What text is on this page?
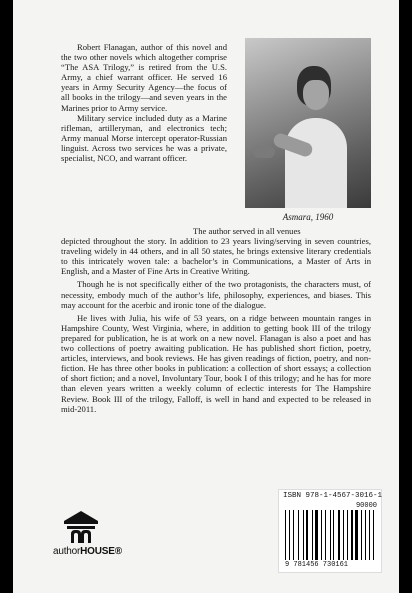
Robert Flanagan, author of this novel and the two other novels which altogether comprise “The ASA Trilogy,” is retired from the U.S. Army, a chief warrant officer. He served 16 years in Army Security Agency—the focus of all books in the trilogy—and seven years in the Marines prior to Army service.

Military service included duty as a Marine rifleman, artilleryman, and electronics tech; Army manual Morse intercept operator-Russian linguist. Across two services he was a private, specialist, NCO, and warrant officer.

Asmara, 1960

The author served in all venues

depicted throughout the story. In addition to 23 years living/serving in seven countries, traveling widely in 44 others, and in all 50 states, he brings extensive literary credentials to this intricately woven tale: a bachelor’s in Communications, a Master of Arts in English, and a Master of Fine Arts in Creative Writing.

Though he is not specifically either of the two protagonists, the characters must, of necessity, embody much of the author’s life, philosophy, experiences, and biases. This may account for the acerbic and ironic tone of the dialogue.

He lives with Julia, his wife of 53 years, on a ridge between mountain ranges in Hampshire County, West Virginia, where, in addition to getting book III of the trilogy prepared for publication, he is at work on a new novel. Flanagan is also a poet and has two collections of poetry awaiting publication. He has published short fiction, poetry, articles, interviews, and book reviews. He has given readings of fiction, poetry, and non-fiction. He has three other books in publication: a collection of short essays; a collection of short fiction; and a novel, Involuntary Tour, book I of this trilogy; and he has for more than eleven years written a weekly column of eclectic interests for The Hampshire Review. Book III of the trilogy, Falloff, is well in hand and expected to be released in mid-2011.

authorHOUSE®
ISBN 978-1-4567-3016-1
90000
9 781456 730161
